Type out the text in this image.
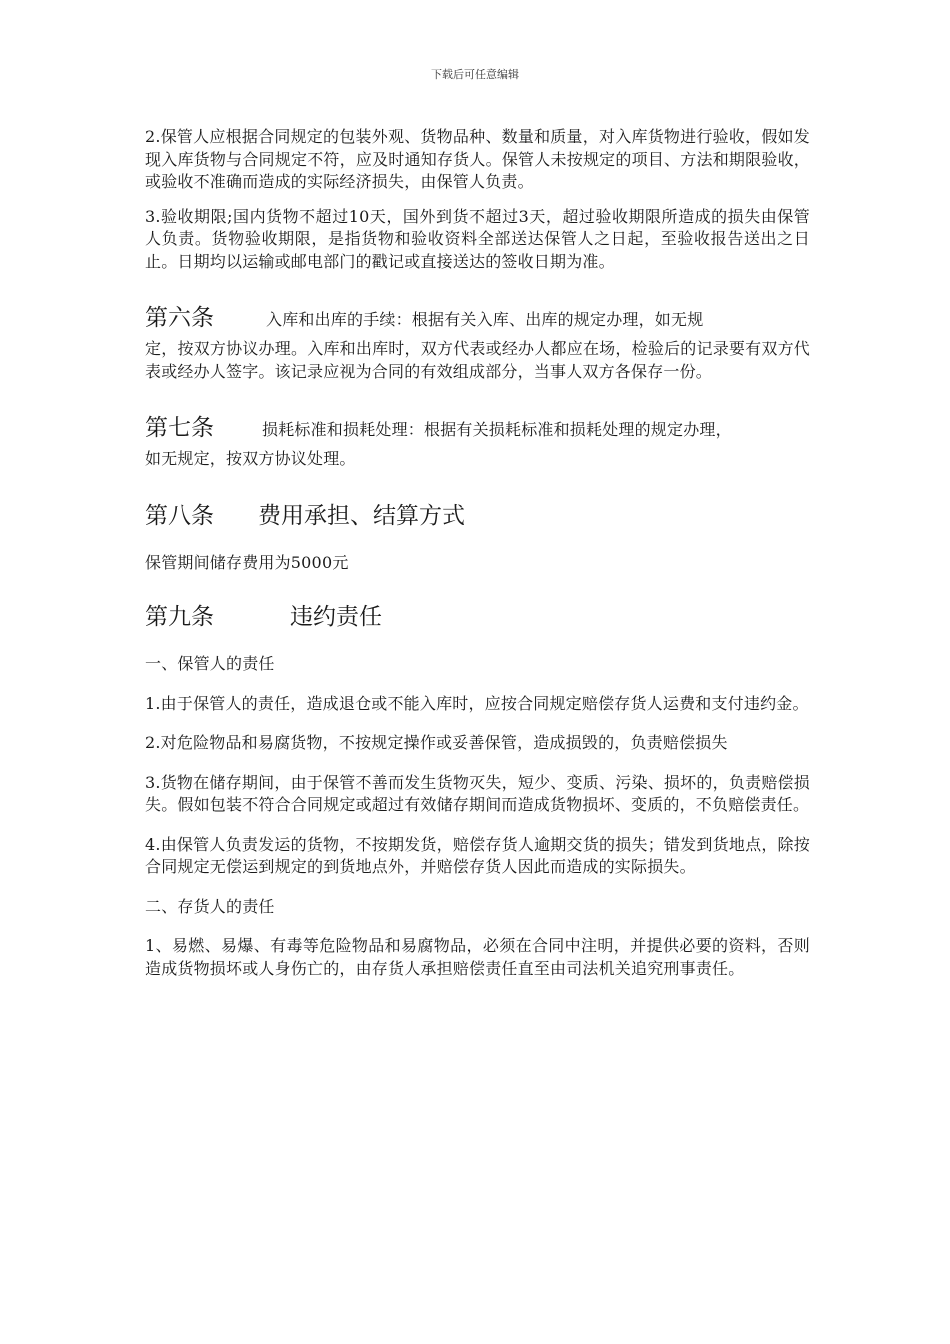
下载后可任意编辑

2.保管人应根据合同规定的包装外观、货物品种、数量和质量，对入库货物进行验收，假如发现入库货物与合同规定不符，应及时通知存货人。保管人未按规定的项目、方法和期限验收，或验收不准确而造成的实际经济损失，由保管人负责。

3.验收期限;国内货物不超过10天，国外到货不超过3天，超过验收期限所造成的损失由保管人负责。货物验收期限，是指货物和验收资料全部送达保管人之日起，至验收报告送出之日止。日期均以运输或邮电部门的戳记或直接送达的签收日期为准。

第六条	入库和出库的手续：根据有关入库、出库的规定办理，如无规

定，按双方协议办理。入库和出库时，双方代表或经办人都应在场，检验后的记录要有双方代表或经办人签字。该记录应视为合同的有效组成部分，当事人双方各保存一份。

第七条	损耗标准和损耗处理：根据有关损耗标准和损耗处理的规定办理，

如无规定，按双方协议处理。

第八条 费用承担、结算方式

保管期间储存费用为5000元

第九条	违约责任

一、保管人的责任

1.由于保管人的责任，造成退仓或不能入库时，应按合同规定赔偿存货人运费和支付违约金。

2.对危险物品和易腐货物，不按规定操作或妥善保管，造成损毁的，负责赔偿损失

3.货物在储存期间，由于保管不善而发生货物灭失，短少、变质、污染、损坏的，负责赔偿损失。假如包装不符合合同规定或超过有效储存期间而造成货物损坏、变质的，不负赔偿责任。

4.由保管人负责发运的货物，不按期发货，赔偿存货人逾期交货的损失；错发到货地点，除按合同规定无偿运到规定的到货地点外，并赔偿存货人因此而造成的实际损失。

二、存货人的责任

1、易燃、易爆、有毒等危险物品和易腐物品，必须在合同中注明，并提供必要的资料，否则造成货物损坏或人身伤亡的，由存货人承担赔偿责任直至由司法机关追究刑事责任。
